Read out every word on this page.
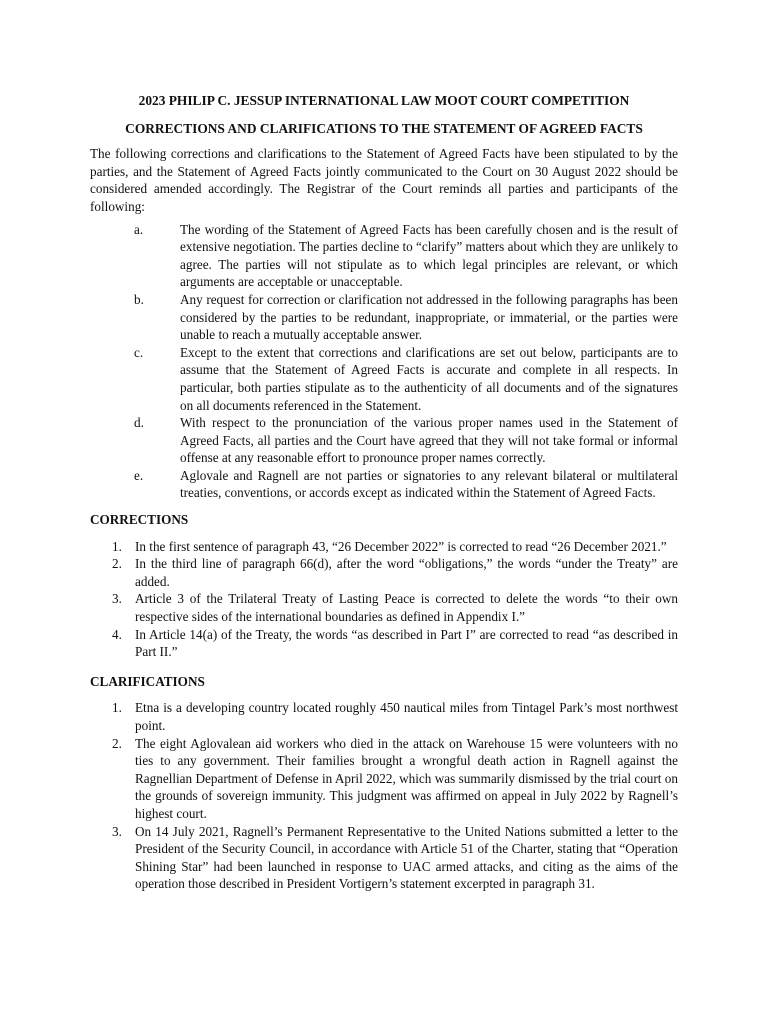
2023 PHILIP C. JESSUP INTERNATIONAL LAW MOOT COURT COMPETITION
CORRECTIONS AND CLARIFICATIONS TO THE STATEMENT OF AGREED FACTS

The following corrections and clarifications to the Statement of Agreed Facts have been stipulated to by the parties, and the Statement of Agreed Facts jointly communicated to the Court on 30 August 2022 should be considered amended accordingly. The Registrar of the Court reminds all parties and participants of the following:

a.	The wording of the Statement of Agreed Facts has been carefully chosen and is the result of extensive negotiation. The parties decline to “clarify” matters about which they are unlikely to agree. The parties will not stipulate as to which legal principles are relevant, or which arguments are acceptable or unacceptable.
b.	Any request for correction or clarification not addressed in the following paragraphs has been considered by the parties to be redundant, inappropriate, or immaterial, or the parties were unable to reach a mutually acceptable answer.
c.	Except to the extent that corrections and clarifications are set out below, participants are to assume that the Statement of Agreed Facts is accurate and complete in all respects. In particular, both parties stipulate as to the authenticity of all documents and of the signatures on all documents referenced in the Statement.
d.	With respect to the pronunciation of the various proper names used in the Statement of Agreed Facts, all parties and the Court have agreed that they will not take formal or informal offense at any reasonable effort to pronounce proper names correctly.
e.	Aglovale and Ragnell are not parties or signatories to any relevant bilateral or multilateral treaties, conventions, or accords except as indicated within the Statement of Agreed Facts.
CORRECTIONS
1. In the first sentence of paragraph 43, “26 December 2022” is corrected to read “26 December 2021.”
2. In the third line of paragraph 66(d), after the word “obligations,” the words “under the Treaty” are added.
3. Article 3 of the Trilateral Treaty of Lasting Peace is corrected to delete the words “to their own respective sides of the international boundaries as defined in Appendix I.”
4. In Article 14(a) of the Treaty, the words “as described in Part I” are corrected to read “as described in Part II.”
CLARIFICATIONS
1. Etna is a developing country located roughly 450 nautical miles from Tintagel Park’s most northwest point.
2. The eight Aglovalean aid workers who died in the attack on Warehouse 15 were volunteers with no ties to any government. Their families brought a wrongful death action in Ragnell against the Ragnellian Department of Defense in April 2022, which was summarily dismissed by the trial court on the grounds of sovereign immunity. This judgment was affirmed on appeal in July 2022 by Ragnell’s highest court.
3. On 14 July 2021, Ragnell’s Permanent Representative to the United Nations submitted a letter to the President of the Security Council, in accordance with Article 51 of the Charter, stating that “Operation Shining Star” had been launched in response to UAC armed attacks, and citing as the aims of the operation those described in President Vortigern’s statement excerpted in paragraph 31.
